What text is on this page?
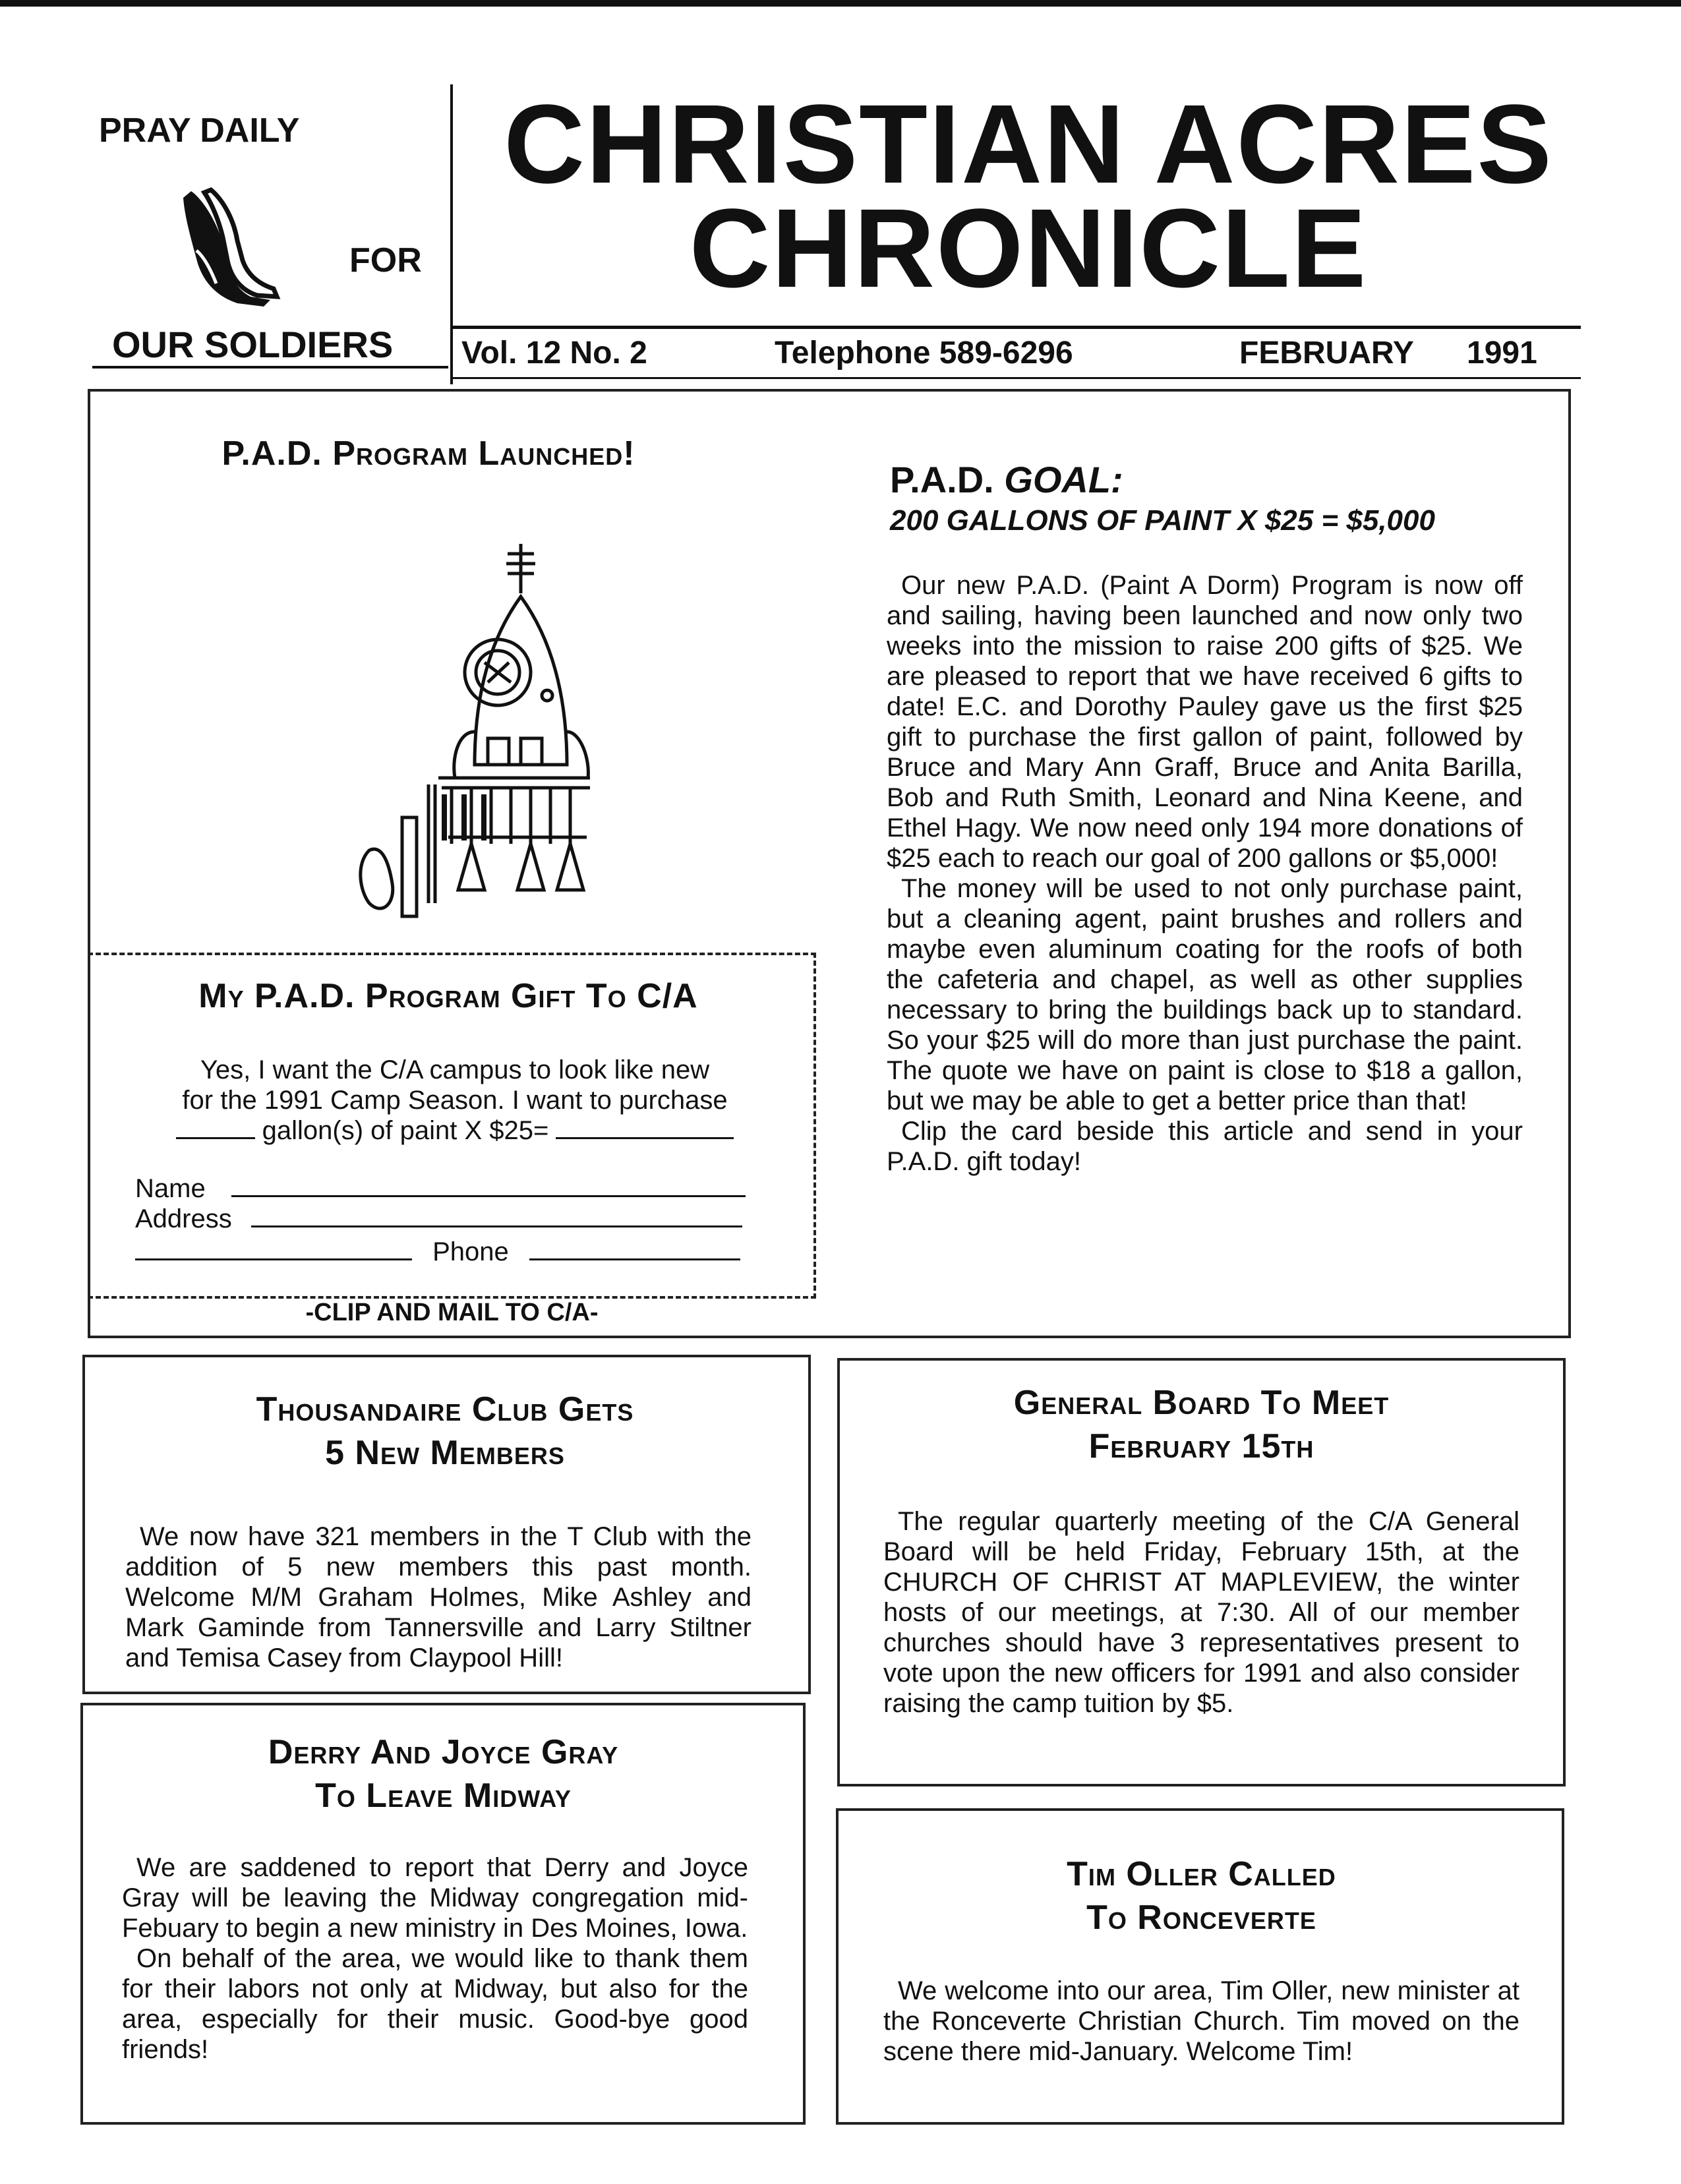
PRAY DAILY
FOR
OUR SOLDIERS
CHRISTIAN ACRES
CHRONICLE
Vol. 12 No. 2	Telephone 589-6296	FEBRUARY 1991
P.A.D. Program Launched!
My P.A.D. Program Gift To C/A
Yes, I want the C/A campus to look like new
for the 1991 Camp Season. I want to purchase
gallon(s) of paint X $25=
Name
Address
Phone
-CLIP AND MAIL TO C/A-
P.A.D. GOAL:
200 GALLONS OF PAINT X $25 = $5,000

Our new P.A.D. (Paint A Dorm) Program is now off and sailing, having been launched and now only two weeks into the mission to raise 200 gifts of $25. We are pleased to report that we have received 6 gifts to date! E.C. and Dorothy Pauley gave us the first $25 gift to purchase the first gallon of paint, followed by Bruce and Mary Ann Graff, Bruce and Anita Barilla, Bob and Ruth Smith, Leonard and Nina Keene, and Ethel Hagy. We now need only 194 more donations of $25 each to reach our goal of 200 gallons or $5,000!

The money will be used to not only purchase paint, but a cleaning agent, paint brushes and rollers and maybe even aluminum coating for the roofs of both the cafeteria and chapel, as well as other supplies necessary to bring the buildings back up to standard. So your $25 will do more than just purchase the paint. The quote we have on paint is close to $18 a gallon, but we may be able to get a better price than that!

Clip the card beside this article and send in your P.A.D. gift today!

Thousandaire Club Gets
5 New Members
We now have 321 members in the T Club with the addition of 5 new members this past month. Welcome M/M Graham Holmes, Mike Ashley and Mark Gaminde from Tannersville and Larry Stiltner and Temisa Casey from Claypool Hill!
Derry And Joyce Gray
To Leave Midway

We are saddened to report that Derry and Joyce Gray will be leaving the Midway congregation mid-Febuary to begin a new ministry in Des Moines, Iowa.

On behalf of the area, we would like to thank them for their labors not only at Midway, but also for the area, especially for their music. Good-bye good friends!

General Board To Meet
February 15th
The regular quarterly meeting of the C/A General Board will be held Friday, February 15th, at the CHURCH OF CHRIST AT MAPLEVIEW, the winter hosts of our meetings, at 7:30. All of our member churches should have 3 representatives present to vote upon the new officers for 1991 and also consider raising the camp tuition by $5.
Tim Oller Called
To Ronceverte
We welcome into our area, Tim Oller, new minister at the Ronceverte Christian Church. Tim moved on the scene there mid-January. Welcome Tim!
